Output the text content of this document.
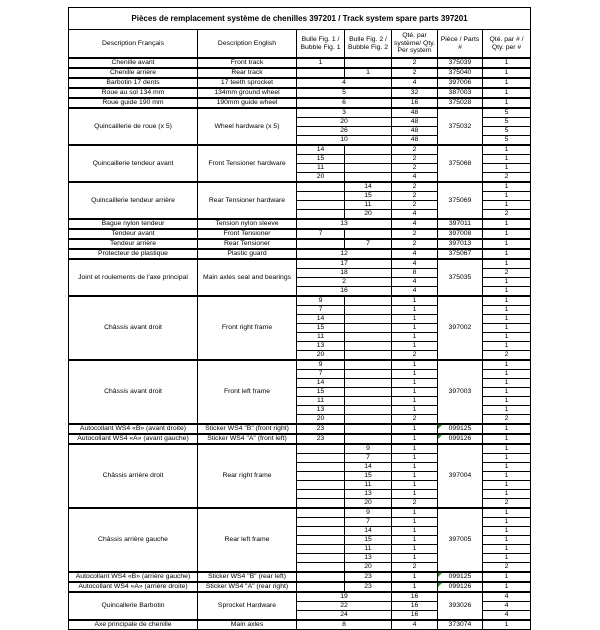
Pièces de remplacement système de chenilles 397201 / Track system spare parts 397201						
Description Français	Description English	Bulle Fig. 1 / Bubble Fig. 1	Bulle Fig. 2 / Bubble Fig. 2	Qté. par système/ Qty. Per system	Pièce / Parts #	Qté. par # / Qty. per #
Chenille avant	Front track	1		2	375039	1
Chenille arrière	Rear track		1	2	375040	1
Barbotin 17 dents	17 teeth sprocket	4		4	397006	1
Roue au sol 134 mm	134mm ground wheel	5		32	387003	1
Roue guide 190 mm	190mm guide wheel	6		16	375028	1
Quincaillerie de roue (x 5)	Wheel hardware (x 5)	3		48	375032	5
		20		48		5
		26		48		5
		10		48		5
Quincaillerie tendeur avant	Front Tensioner hardware	14		2	375068	1
		15		2		1
		11		2		1
		20		4		2
Quincaillerie tendeur arrière	Rear Tensioner hardware		14	2	375069	1
			15	2		1
			11	2		1
			20	4		2
Bague nylon tendeur	Tension nylon sleeve	13		4	397011	1
Tendeur avant	Front Tensioner	7		2	397008	1
Tendeur arrière	Rear Tensioner		7	2	397013	1
Protecteur de plastique	Plastic guard	12		4	375067	1
Joint et roulements de l'axe principal	Main axles seal and bearings	17		4	375035	1
		18		8		2
		2		4		1
		16		4		1
Châssis avant droit	Front right frame	9		1	397002	1
		7		1		1
		14		1		1
		15		1		1
		11		1		1
		13		1		1
		20		2		2
Châssis avant droit	Front left frame	9		1	397003	1
		7		1		1
		14		1		1
		15		1		1
		11		1		1
		13		1		1
		20		2		2
Autocollant WS4 «B» (avant droite)	Sticker WS4 "B" (front right)	23		1	099125	1
Autocollant WS4 «A» (avant gauche)	Sticker WS4 "A" (front left)	23		1	099126	1
Châssis arrière droit	Rear right frame		9	1	397004	1
			7	1		1
			14	1		1
			15	1		1
			11	1		1
			13	1		1
			20	2		2
Châssis arrière gauche	Rear left frame		9	1	397005	1
			7	1		1
			14	1		1
			15	1		1
			11	1		1
			13	1		1
			20	2		2
Autocollant WS4 «B» (arrière gauche)	Sticker WS4 "B" (rear left)		23	1	099125	1
Autocollant WS4 «A» (arrière droite)	Sticker WS4 "A" (rear right)		23	1	099126	1
Quincallerie Barbotin	Sprocket Hardware	19		16	393026	4
		22		16		4
		24		16		4
Axe principale de chenille	Main axles	8		4	373074	1
